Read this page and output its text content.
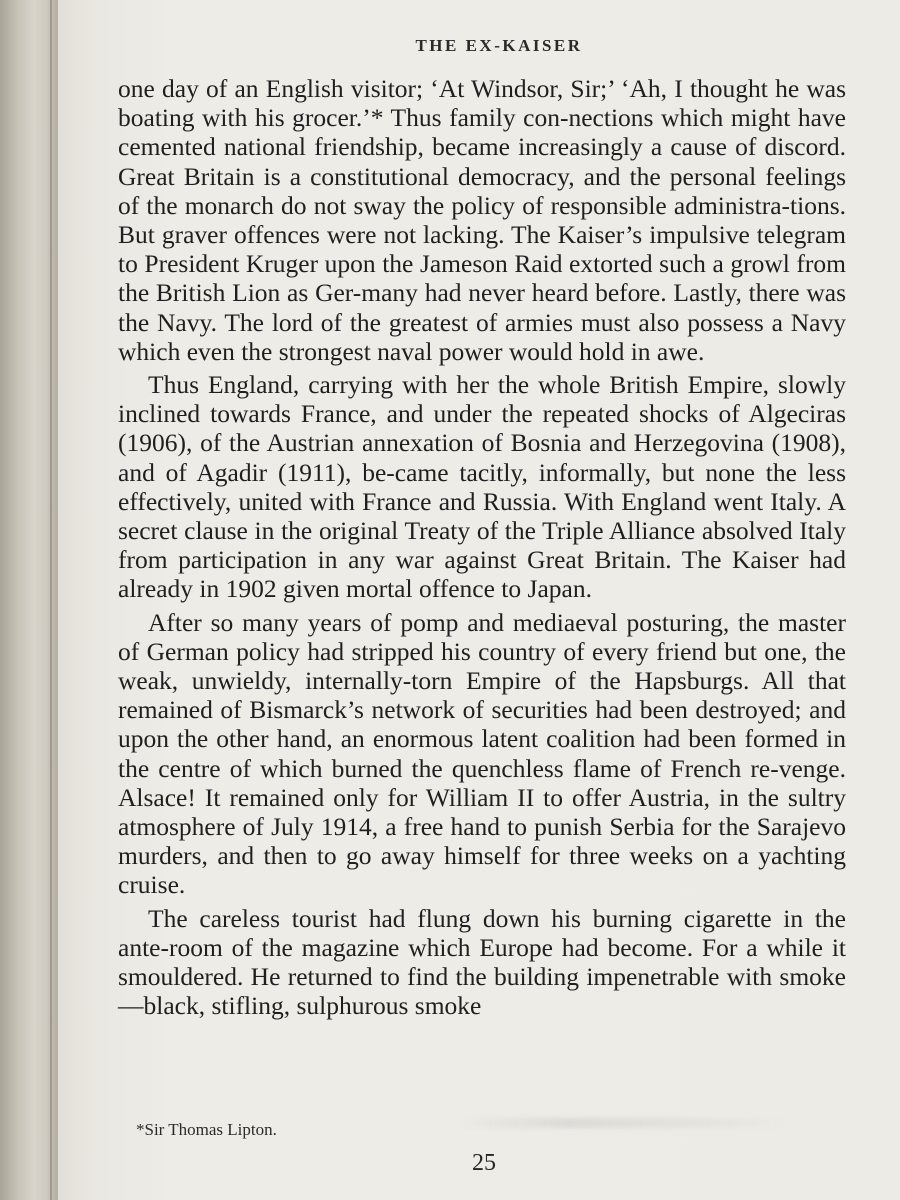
THE EX-KAISER

one day of an English visitor; ‘At Windsor, Sir;’ ‘Ah, I thought he was boating with his grocer.’* Thus family con-nections which might have cemented national friendship, became increasingly a cause of discord. Great Britain is a constitutional democracy, and the personal feelings of the monarch do not sway the policy of responsible administra-tions. But graver offences were not lacking. The Kaiser’s impulsive telegram to President Kruger upon the Jameson Raid extorted such a growl from the British Lion as Ger-many had never heard before. Lastly, there was the Navy. The lord of the greatest of armies must also possess a Navy which even the strongest naval power would hold in awe.

Thus England, carrying with her the whole British Empire, slowly inclined towards France, and under the repeated shocks of Algeciras (1906), of the Austrian annexation of Bosnia and Herzegovina (1908), and of Agadir (1911), be-came tacitly, informally, but none the less effectively, united with France and Russia. With England went Italy. A secret clause in the original Treaty of the Triple Alliance absolved Italy from participation in any war against Great Britain. The Kaiser had already in 1902 given mortal offence to Japan.

After so many years of pomp and mediaeval posturing, the master of German policy had stripped his country of every friend but one, the weak, unwieldy, internally-torn Empire of the Hapsburgs. All that remained of Bismarck’s network of securities had been destroyed; and upon the other hand, an enormous latent coalition had been formed in the centre of which burned the quenchless flame of French re-venge. Alsace! It remained only for William II to offer Austria, in the sultry atmosphere of July 1914, a free hand to punish Serbia for the Sarajevo murders, and then to go away himself for three weeks on a yachting cruise.

The careless tourist had flung down his burning cigarette in the ante-room of the magazine which Europe had become. For a while it smouldered. He returned to find the building impenetrable with smoke—black, stifling, sulphurous smoke

*Sir Thomas Lipton.
25
